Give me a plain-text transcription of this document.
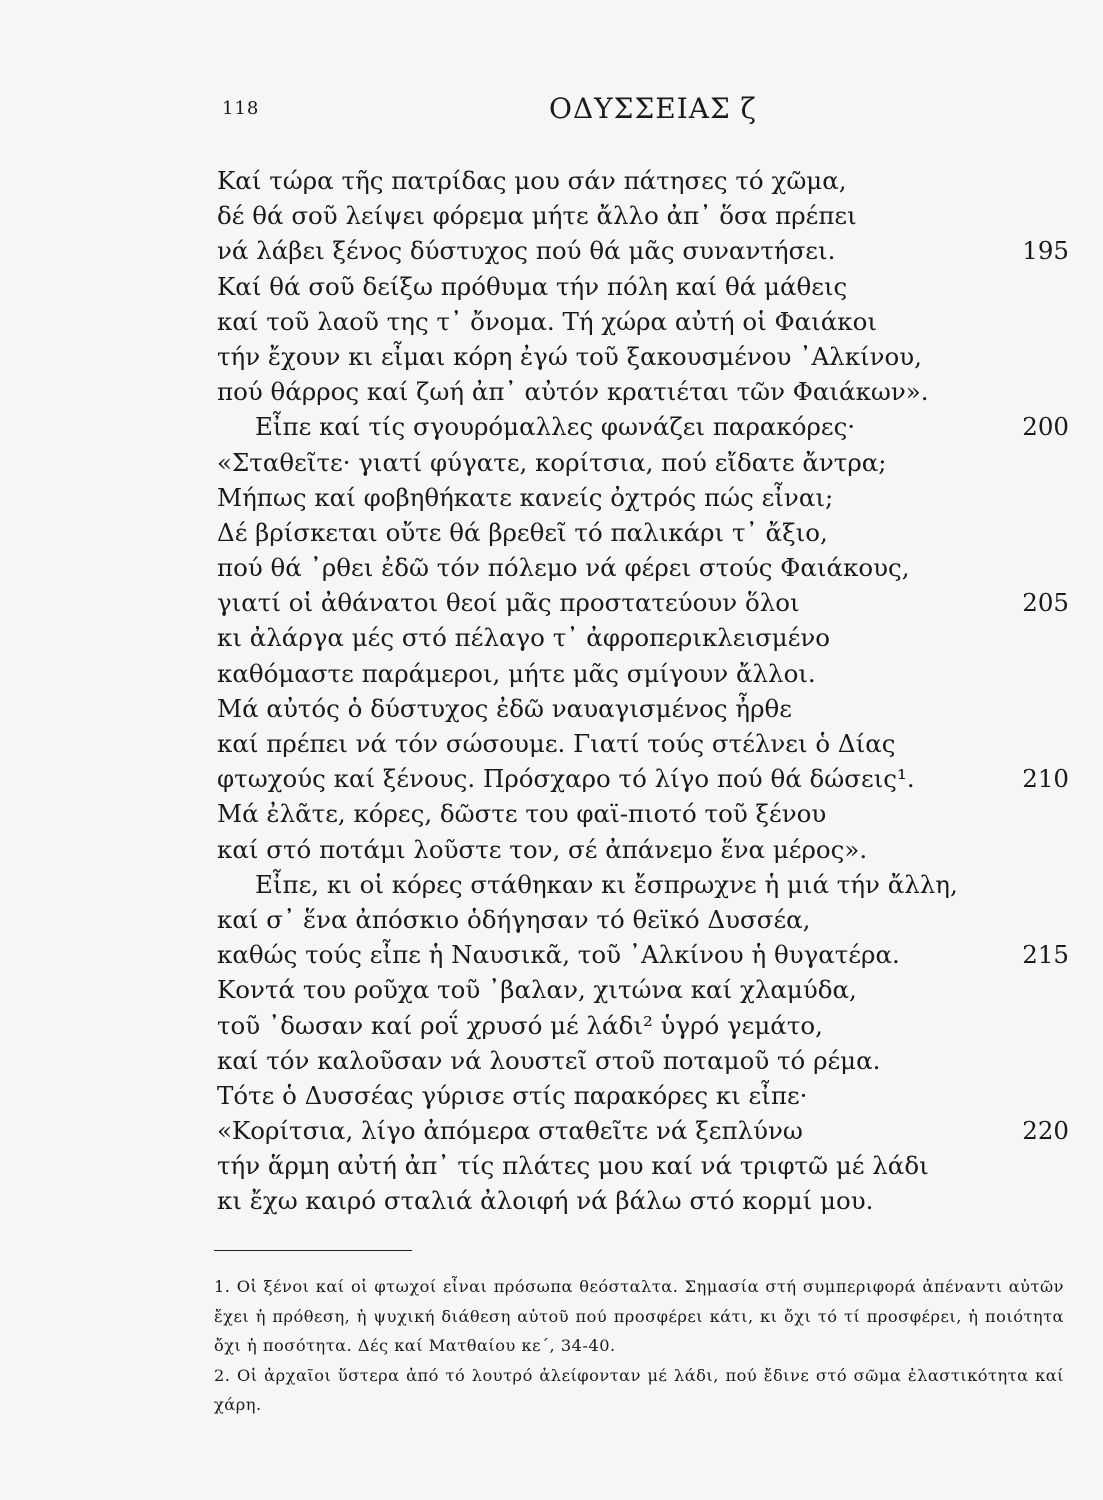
118	ΟΔΥΣΣΕΙΑΣ ζ
Καί τώρα τῆς πατρίδας μου σάν πάτησες τό χῶμα,
δέ θά σοῦ λείψει φόρεμα μήτε ἄλλο ἀπ᾿ ὅσα πρέπει
νά λάβει ξένος δύστυχος πού θά μᾶς συναντήσει.	195
Καί θά σοῦ δείξω πρόθυμα τήν πόλη καί θά μάθεις
καί τοῦ λαοῦ της τ᾿ ὄνομα. Τή χώρα αὐτή οἱ Φαιάκοι
τήν ἔχουν κι εἶμαι κόρη ἐγώ τοῦ ξακουσμένου ᾿Αλκίνου,
πού θάρρος καί ζωή ἀπ᾿ αὐτόν κρατιέται τῶν Φαιάκων».
Εἶπε καί τίς σγουρόμαλλες φωνάζει παρακόρες·	200
«Σταθεῖτε· γιατί φύγατε, κορίτσια, πού εἴδατε ἄντρα;
Μήπως καί φοβηθήκατε κανείς ὀχτρός πώς εἶναι;
Δέ βρίσκεται οὔτε θά βρεθεῖ τό παλικάρι τ᾿ ἄξιο,
πού θά ᾿ρθει ἐδῶ τόν πόλεμο νά φέρει στούς Φαιάκους,
γιατί οἱ ἀθάνατοι θεοί μᾶς προστατεύουν ὅλοι	205
κι ἀλάργα μές στό πέλαγο τ᾿ ἀφροπερικλεισμένο
καθόμαστε παράμεροι, μήτε μᾶς σμίγουν ἄλλοι.
Μά αὐτός ὁ δύστυχος ἐδῶ ναυαγισμένος ἦρθε
καί πρέπει νά τόν σώσουμε. Γιατί τούς στέλνει ὁ Δίας
φτωχούς καί ξένους. Πρόσχαρο τό λίγο πού θά δώσεις¹.	210
Μά ἐλᾶτε, κόρες, δῶστε του φαϊ-πιοτό τοῦ ξένου
καί στό ποτάμι λοῦστε τον, σέ ἀπάνεμο ἕνα μέρος».
Εἶπε, κι οἱ κόρες στάθηκαν κι ἔσπρωχνε ἡ μιά τήν ἄλλη,
καί σ᾿ ἕνα ἀπόσκιο ὁδήγησαν τό θεϊκό Δυσσέα,
καθώς τούς εἶπε ἡ Ναυσικᾶ, τοῦ ᾿Αλκίνου ἡ θυγατέρα.	215
Κοντά του ροῦχα τοῦ ᾿βαλαν, χιτώνα καί χλαμύδα,
τοῦ ᾿δωσαν καί ροΐ χρυσό μέ λάδι² ὑγρό γεμάτο,
καί τόν καλοῦσαν νά λουστεῖ στοῦ ποταμοῦ τό ρέμα.
Τότε ὁ Δυσσέας γύρισε στίς παρακόρες κι εἶπε·
«Κορίτσια, λίγο ἀπόμερα σταθεῖτε νά ξεπλύνω	220
τήν ἅρμη αὐτή ἀπ᾿ τίς πλάτες μου καί νά τριφτῶ μέ λάδι
κι ἔχω καιρό σταλιά ἀλοιφή νά βάλω στό κορμί μου.

1. Οἱ ξένοι καί οἱ φτωχοί εἶναι πρόσωπα θεόσταλτα. Σημασία στή συμπεριφορά ἀπέναντι αὐτῶν ἔχει ἡ πρόθεση, ἡ ψυχική διάθεση αὐτοῦ πού προσφέρει κάτι, κι ὄχι τό τί προσφέρει, ἡ ποιότητα ὄχι ἡ ποσότητα. Δές καί Ματθαίου κε΄, 34-40.

2. Οἱ ἀρχαῖοι ὕστερα ἀπό τό λουτρό ἀλείφονταν μέ λάδι, πού ἔδινε στό σῶμα ἐλαστικότητα καί χάρη.
